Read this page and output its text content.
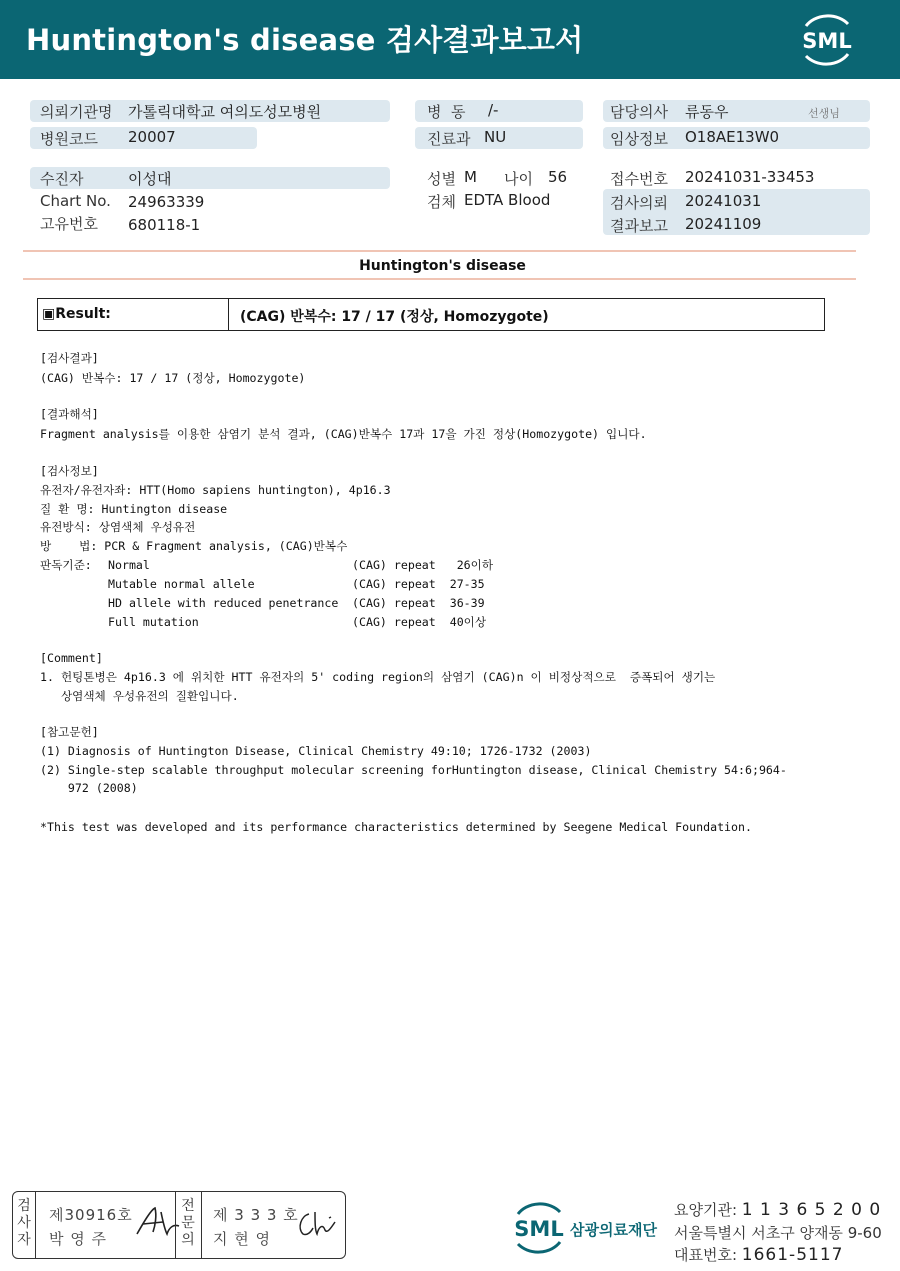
Huntington's disease 검사결과보고서	SML
의뢰기관명 가톨릭대학교 여의도성모병원
병원코드 20007
병  동 /-
진료과 NU
담당의사 류동우	선생님
임상정보 O18AE13W0
수진자	이성대
Chart No. 24963339
고유번호 680118-1
성별 M 나이 56
검체 EDTA Blood
접수번호 20241031-33453
검사의뢰 20241031
결과보고 20241109
Huntington's disease
▣Result:	(CAG) 반복수: 17 / 17 (정상, Homozygote)
[검사결과]
(CAG) 반복수: 17 / 17 (정상, Homozygote)
[결과해석]
Fragment analysis를 이용한 삼염기 분석 결과, (CAG)반복수 17과 17을 가진 정상(Homozygote) 입니다.
[검사정보]
유전자/유전자좌: HTT(Homo sapiens huntington), 4p16.3
질 환 명: Huntington disease
유전방식: 상염색체 우성유전
방    법: PCR & Fragment analysis, (CAG)반복수
판독기준: Normal	(CAG) repeat   26이하
Mutable normal allele	(CAG) repeat  27-35
HD allele with reduced penetrance (CAG) repeat  36-39
Full mutation	(CAG) repeat  40이상
[Comment]
1. 헌팅톤병은 4p16.3 에 위치한 HTT 유전자의 5' coding region의 삼염기 (CAG)n 이 비정상적으로  증폭되어 생기는
상염색체 우성유전의 질환입니다.
[참고문헌]
(1) Diagnosis of Huntington Disease, Clinical Chemistry 49:10; 1726-1732 (2003)
(2) Single-step scalable throughput molecular screening forHuntington disease, Clinical Chemistry 54:6;964-
972 (2008)
*This test was developed and its performance characteristics determined by Seegene Medical Foundation.
검사자
제30916호
박 영 주
전문의
제 3 3 3 호
지 현 영	SML 삼광의료재단
요양기관: 1 1 3 6 5 2 0 0
서울특별시 서초구 양재동 9-60
대표번호: 1661-5117
